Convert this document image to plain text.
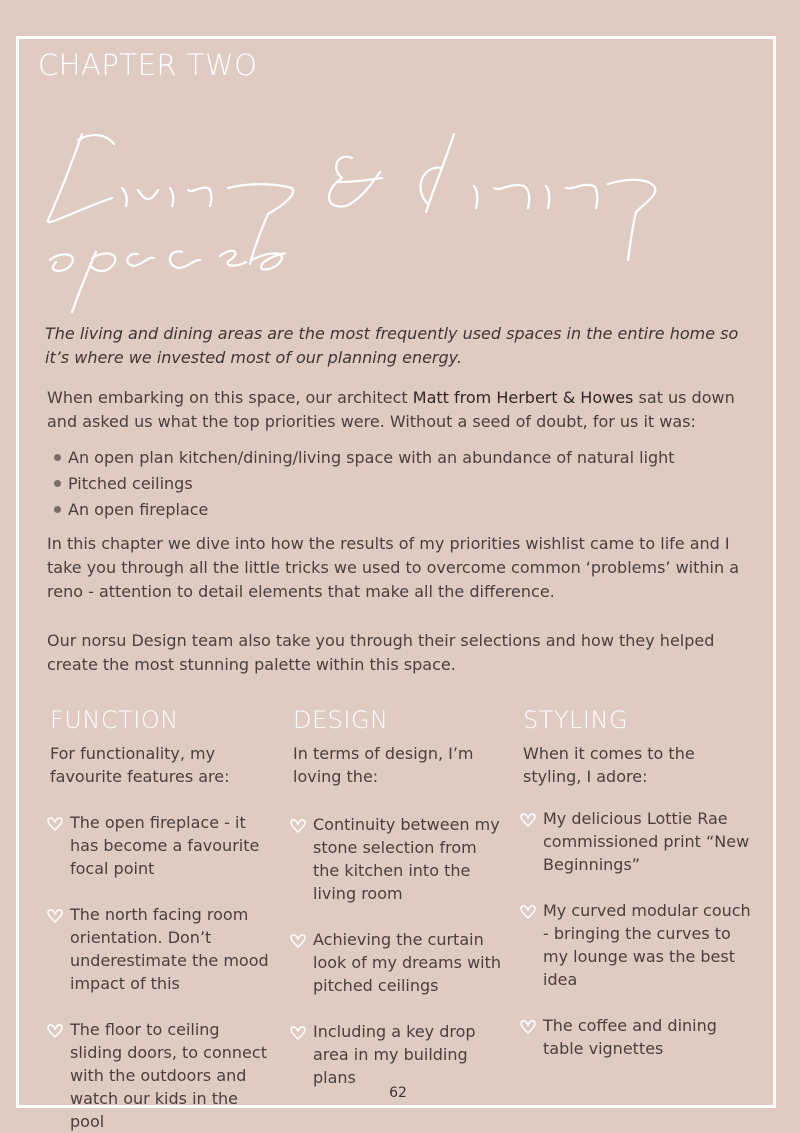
CHAPTER TWO
The living and dining areas are the most frequently used spaces in the entire home so it’s where we invested most of our planning energy.
When embarking on this space, our architect Matt from Herbert & Howes sat us down and asked us what the top priorities were. Without a seed of doubt, for us it was:
An open plan kitchen/dining/living space with an abundance of natural light
Pitched ceilings
An open fireplace
In this chapter we dive into how the results of my priorities wishlist came to life and I take you through all the little tricks we used to overcome common ‘problems’ within a reno - attention to detail elements that make all the difference.
Our norsu Design team also take you through their selections and how they helped create the most stunning palette within this space.
FUNCTION
For functionality, my favourite features are:
The open fireplace - it has become a favourite focal point
The north facing room orientation. Don’t underestimate the mood impact of this
The floor to ceiling sliding doors, to connect with the outdoors and watch our kids in the pool
DESIGN
In terms of design, I’m loving the:
Continuity between my stone selection from the kitchen into the living room
Achieving the curtain look of my dreams with pitched ceilings
Including a key drop area in my building plans
STYLING
When it comes to the styling, I adore:
My delicious Lottie Rae commissioned print “New Beginnings”
My curved modular couch - bringing the curves to my lounge was the best idea
The coffee and dining table vignettes
62
